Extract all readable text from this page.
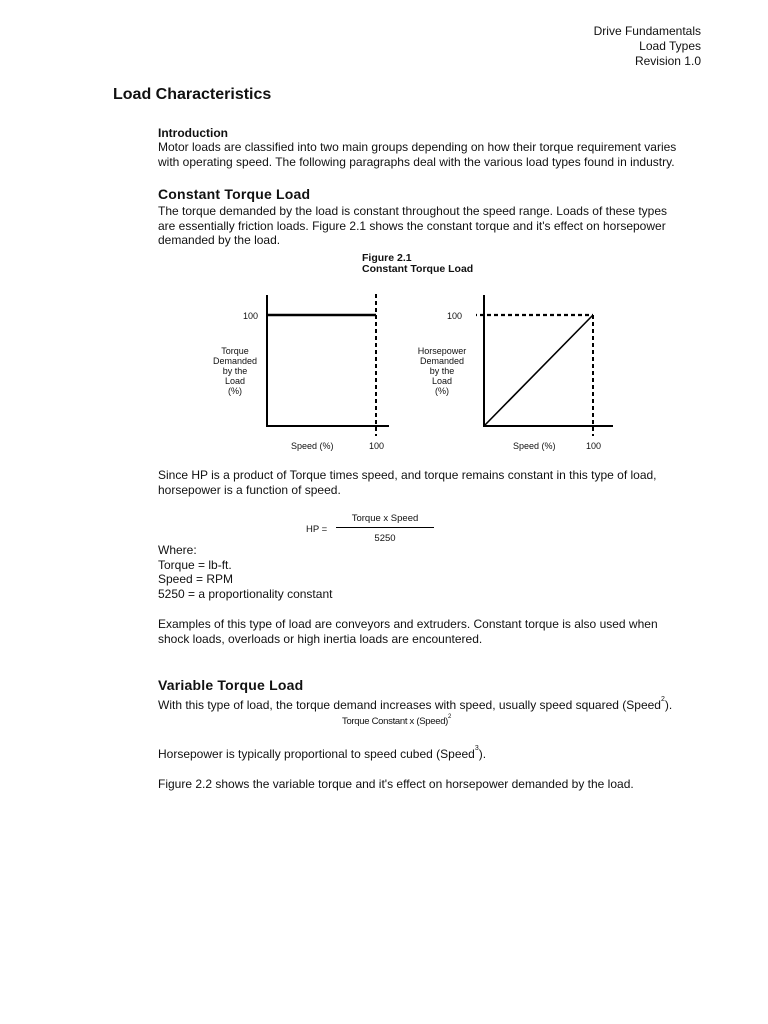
Drive Fundamentals
Load Types
Revision 1.0
Load Characteristics
Introduction
Motor loads are classified into two main groups depending on how their torque requirement varies
with operating speed. The following paragraphs deal with the various load types found in industry.
Constant Torque Load
The torque demanded by the load is constant throughout the speed range. Loads of these types
are essentially friction loads. Figure 2.1 shows the constant torque and it's effect on horsepower
demanded by the load.
Figure 2.1
Constant Torque Load
100
Torque
Demanded
by the
Load
(%)
Speed (%)	100
100
Horsepower
Demanded
by the
Load
(%)
Speed (%)	100
Since HP is a product of Torque times speed, and torque remains constant in this type of load,
horsepower is a function of speed.
HP =
Torque x Speed
5250
Where:
Torque = lb-ft.
Speed = RPM
5250 = a proportionality constant
Examples of this type of load are conveyors and extruders. Constant torque is also used when
shock loads, overloads or high inertia loads are encountered.
Variable Torque Load
With this type of load, the torque demand increases with speed, usually speed squared (Speed$^2$).
Torque Constant x (Speed)$^2$
Horsepower is typically proportional to speed cubed (Speed$^3$).
Figure 2.2 shows the variable torque and it's effect on horsepower demanded by the load.
